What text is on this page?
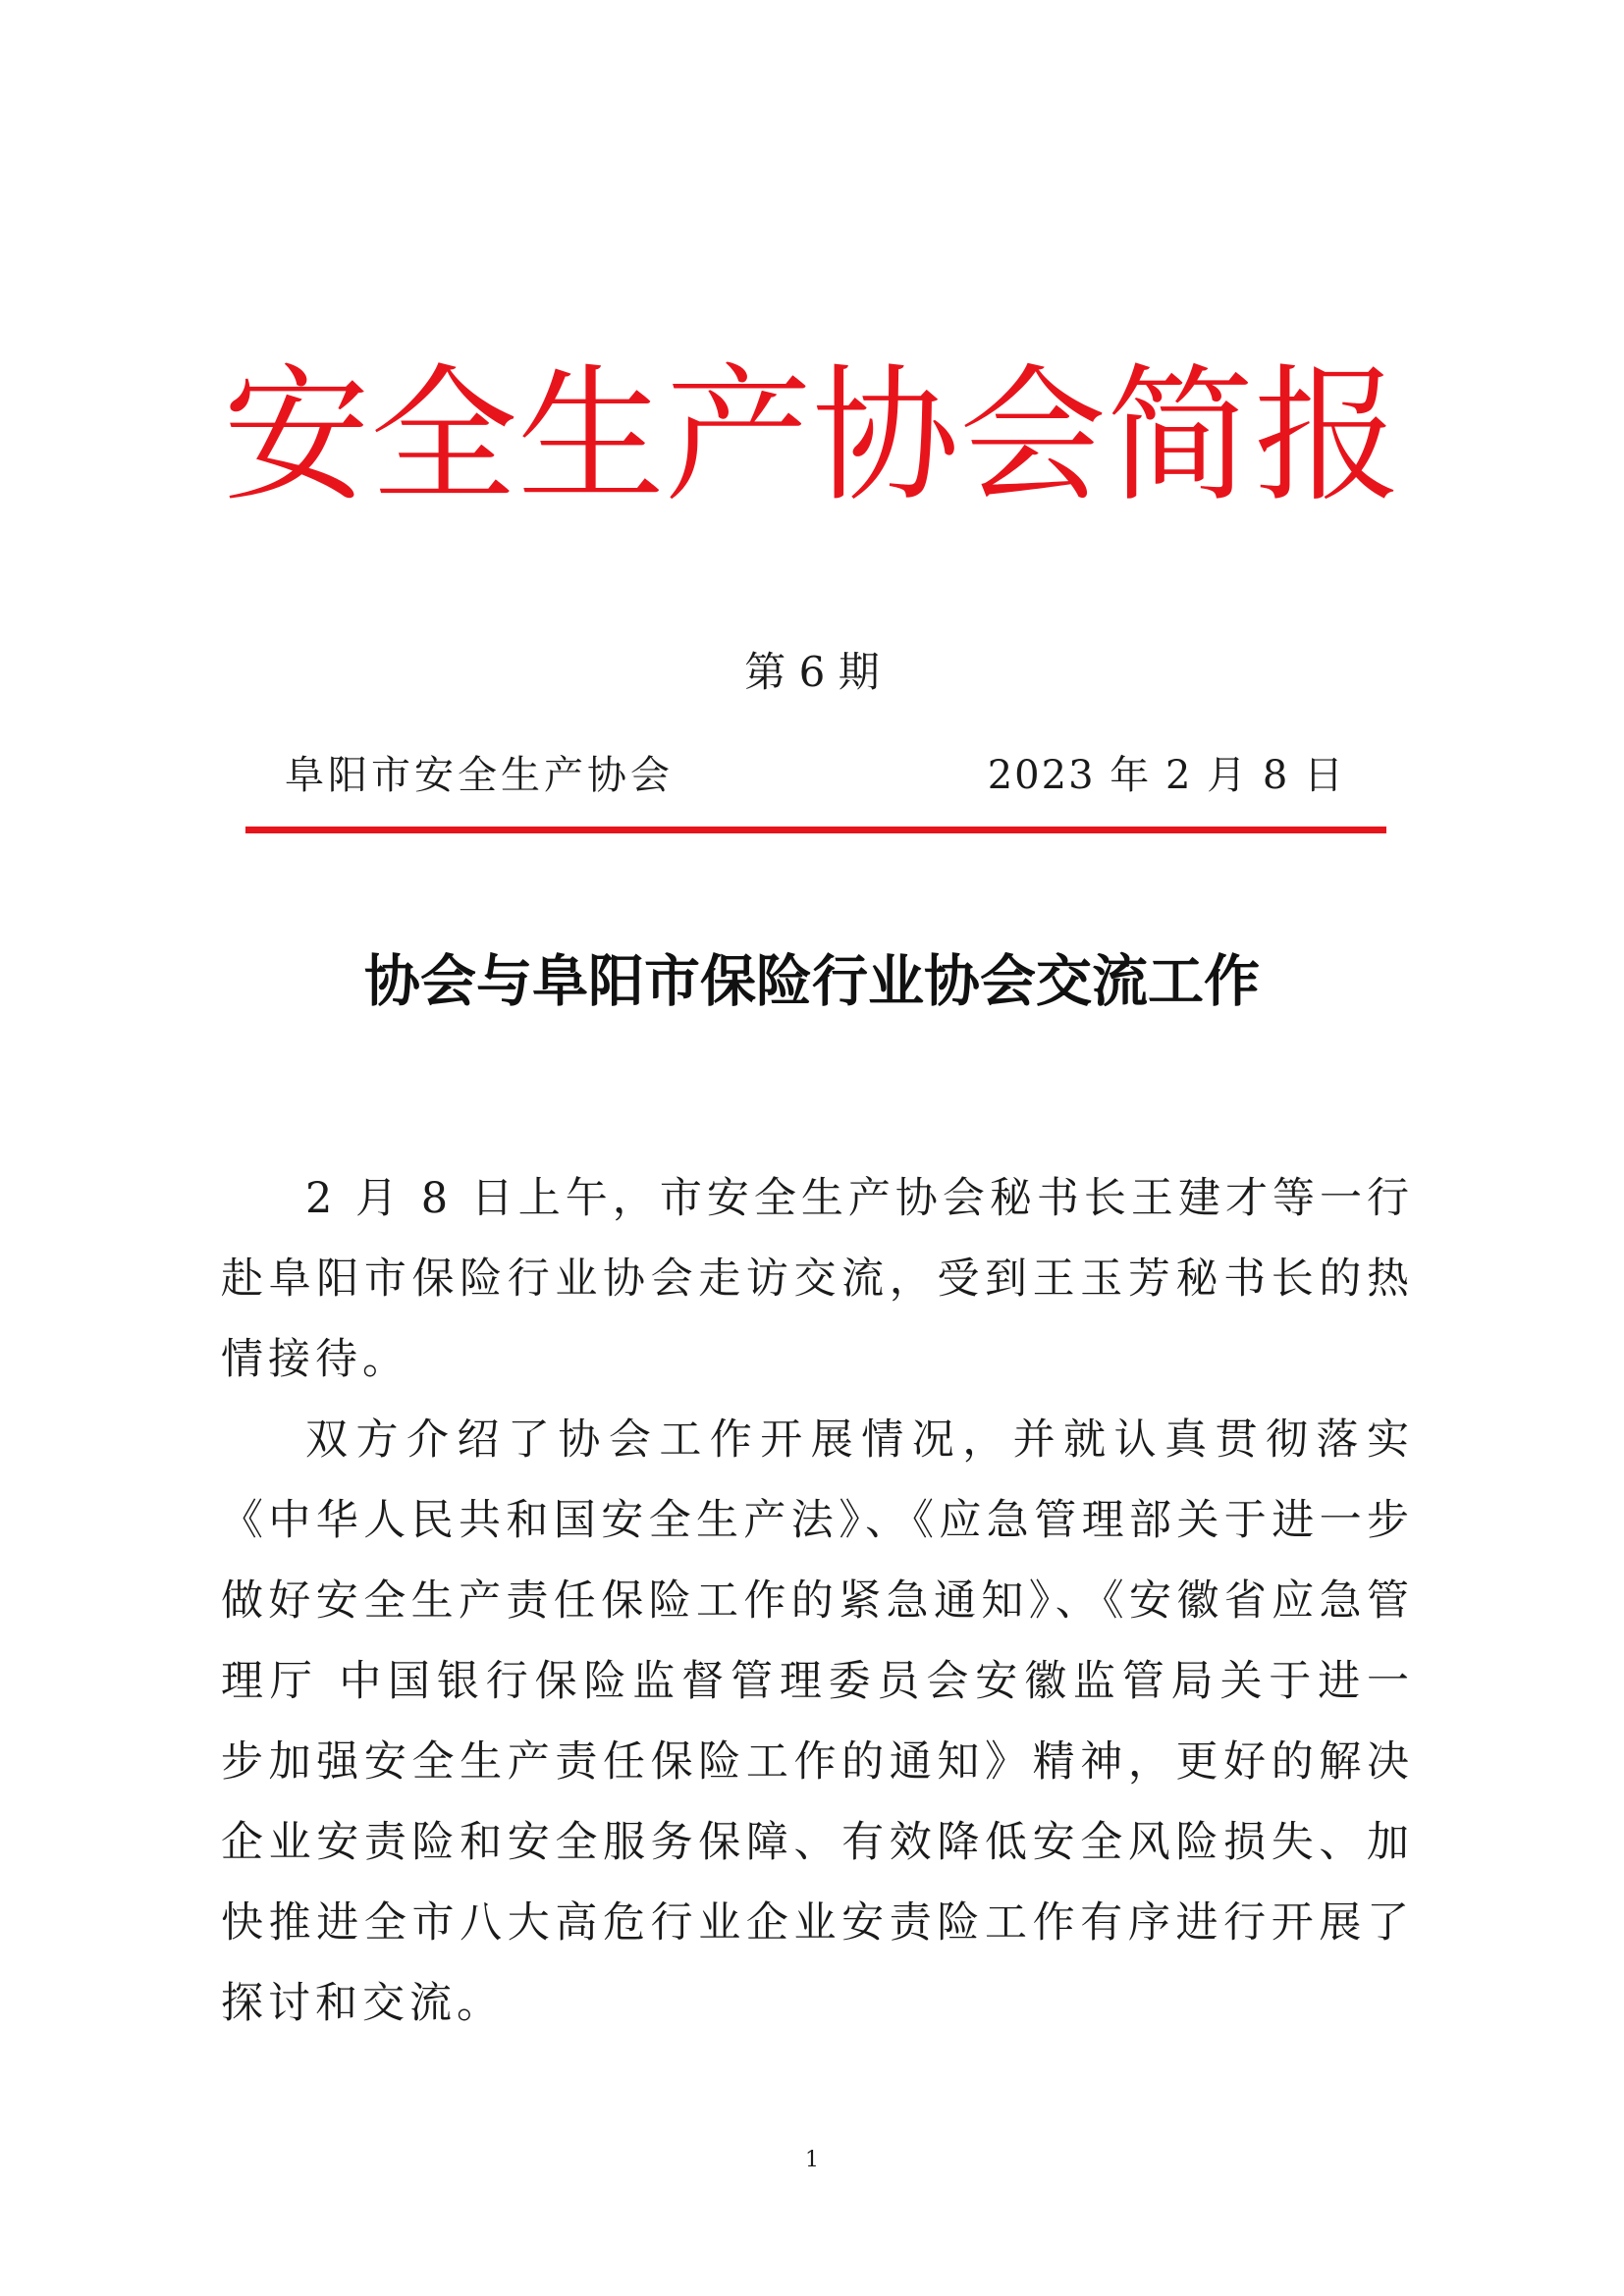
安全生产协会简报
第 6 期
阜阳市安全生产协会	2023 年 2 月 8 日
协会与阜阳市保险行业协会交流工作

2 月 8 日上午，市安全生产协会秘书长王建才等一行赴阜阳市保险行业协会走访交流，受到王玉芳秘书长的热情接待。

双方介绍了协会工作开展情况，并就认真贯彻落实《中华人民共和国安全生产法》、《应急管理部关于进一步做好安全生产责任保险工作的紧急通知》、《安徽省应急管理厅 中国银行保险监督管理委员会安徽监管局关于进一步加强安全生产责任保险工作的通知》精神，更好的解决企业安责险和安全服务保障、有效降低安全风险损失、加快推进全市八大高危行业企业安责险工作有序进行开展了探讨和交流。

1
